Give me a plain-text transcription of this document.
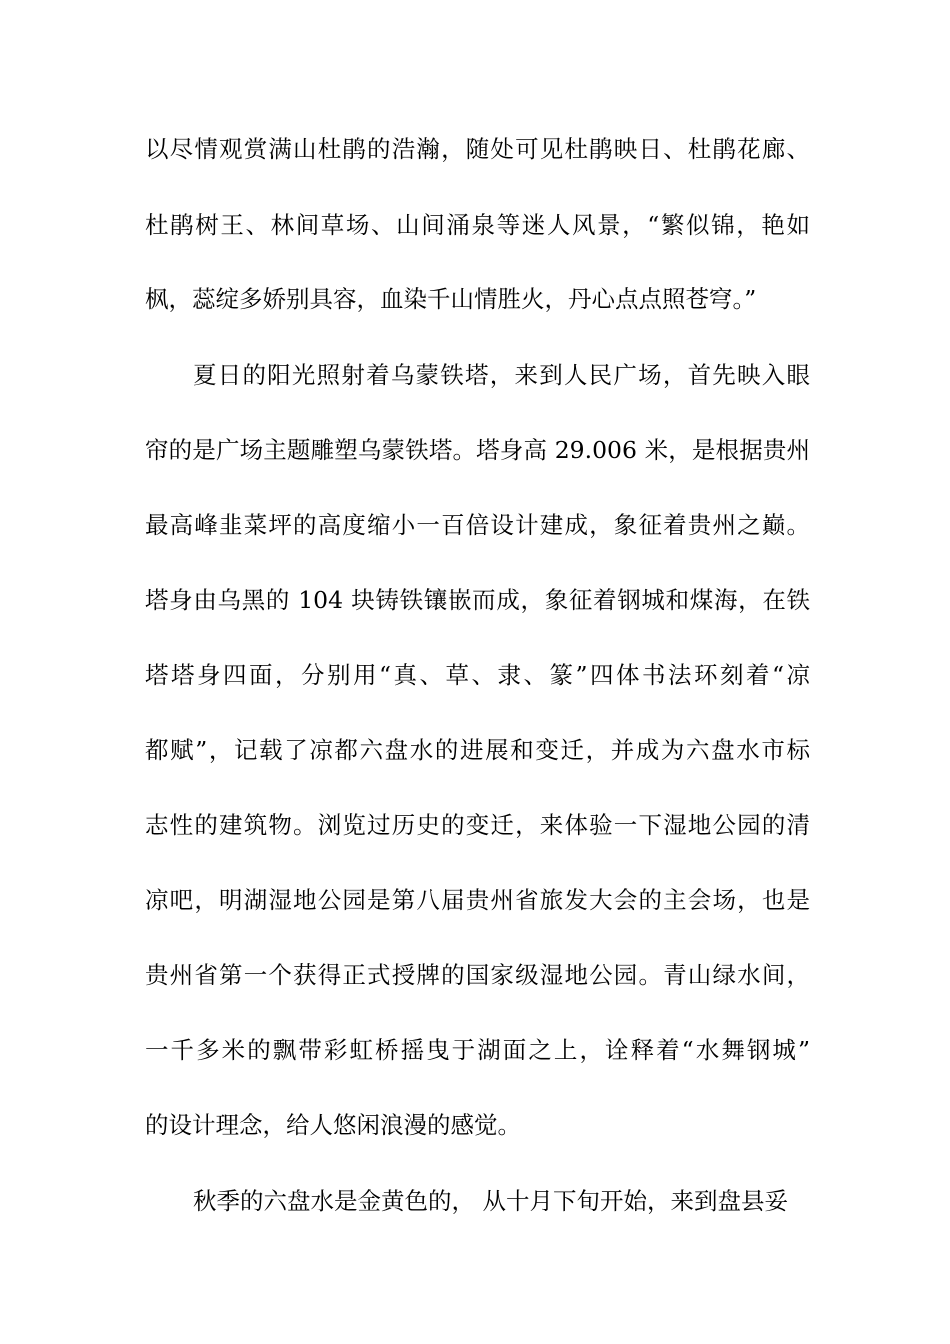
以尽情观赏满山杜鹃的浩瀚，随处可见杜鹃映日、杜鹃花廊、
杜鹃树王、林间草场、山间涌泉等迷人风景，“繁似锦，艳如
枫，蕊绽多娇别具容，血染千山情胜火，丹心点点照苍穹。”
夏日的阳光照射着乌蒙铁塔，来到人民广场，首先映入眼
帘的是广场主题雕塑乌蒙铁塔。塔身高 29.006 米，是根据贵州
最高峰韭菜坪的高度缩小一百倍设计建成，象征着贵州之巅。
塔身由乌黑的 104 块铸铁镶嵌而成，象征着钢城和煤海，在铁
塔塔身四面，分别用“真、草、隶、篆”四体书法环刻着“凉
都赋”，记载了凉都六盘水的进展和变迁，并成为六盘水市标
志性的建筑物。浏览过历史的变迁，来体验一下湿地公园的清
凉吧，明湖湿地公园是第八届贵州省旅发大会的主会场，也是
贵州省第一个获得正式授牌的国家级湿地公园。青山绿水间，
一千多米的飘带彩虹桥摇曳于湖面之上，诠释着“水舞钢城”
的设计理念，给人悠闲浪漫的感觉。
秋季的六盘水是金黄色的， 从十月下旬开始，来到盘县妥
